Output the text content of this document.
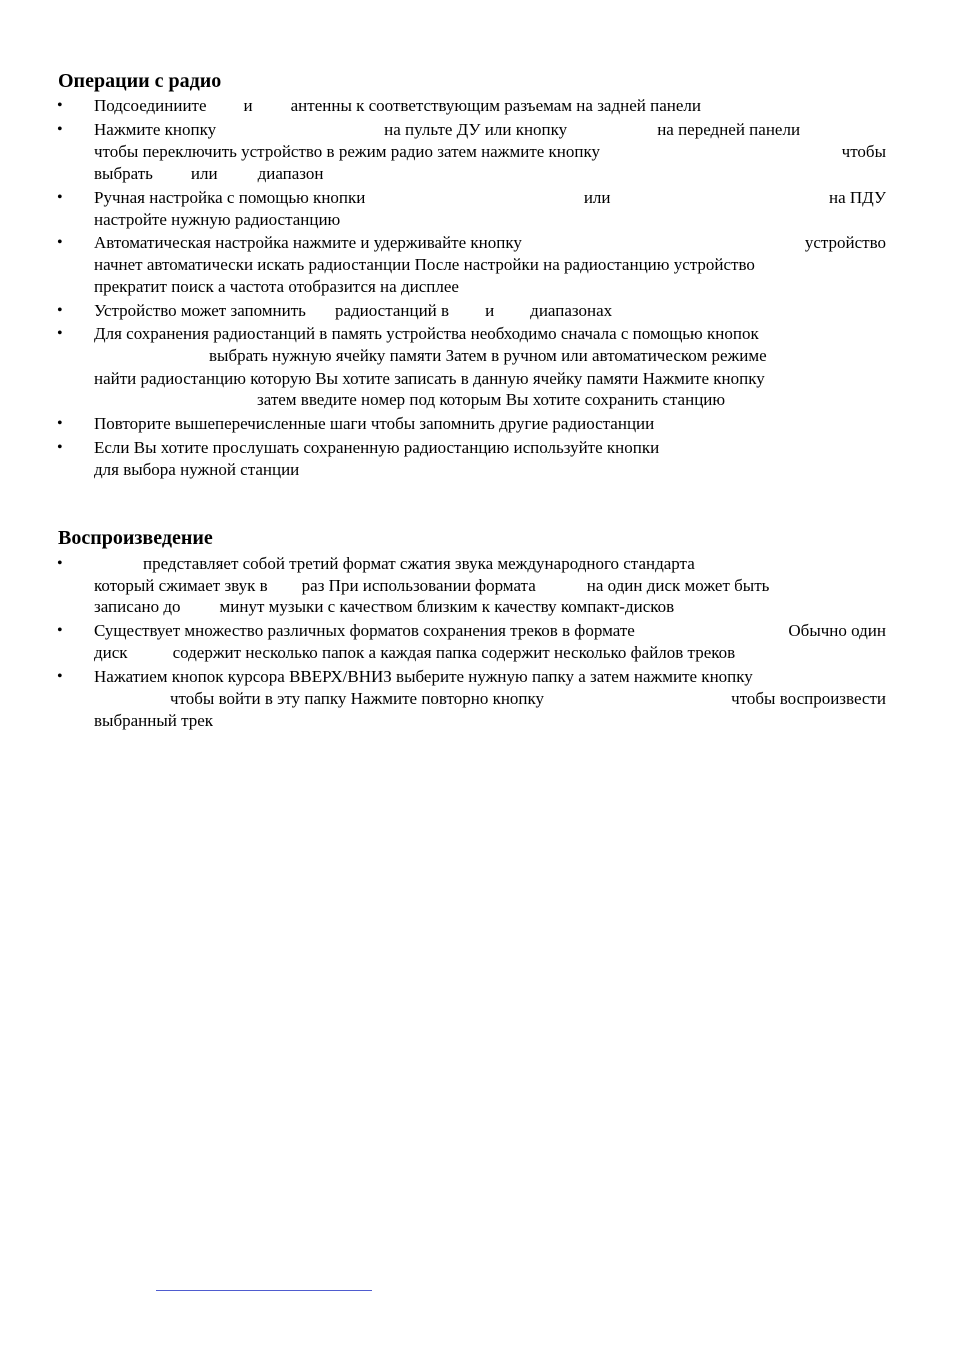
Операции с радио
•
•
•
•
•
•
•
•
Подсоединиите и антенны к соответствующим разъемам на задней панели
Нажмите кнопку	на пульте ДУ или кнопку	на передней панели
чтобы переключить устройство в режим радио затем нажмите кнопку	чтобы
выбрать или диапазон
Ручная настройка с помощью кнопки	или	на ПДУ
настройте нужную радиостанцию
Автоматическая настройка нажмите и удерживайте кнопку	устройство
начнет автоматически искать радиостанции После настройки на радиостанцию устройство
прекратит поиск а частота отобразится на дисплее
Устройство может запомнить радиостанций в и диапазонах
Для сохранения радиостанций в память устройства необходимо сначала с помощью кнопок
выбрать нужную ячейку памяти Затем в ручном или автоматическом режиме
найти радиостанцию которую Вы хотите записать в данную ячейку памяти Нажмите кнопку
затем введите номер под которым Вы хотите сохранить станцию
Повторите вышеперечисленные шаги чтобы запомнить другие радиостанции
Если Вы хотите прослушать сохраненную радиостанцию используйте кнопки
для выбора нужной станции
Воспроизведение
•
•
•
представляет собой третий формат сжатия звука международного стандарта
который сжимает звук в раз При использовании формата	на один диск может быть
записано до минут музыки с качеством близким к качеству компакт-дисков
Существует множество различных форматов сохранения треков в формате	Обычно один
диск	содержит несколько папок а каждая папка содержит несколько файлов треков
Нажатием кнопок курсора ВВЕРХ/ВНИЗ выберите нужную папку а затем нажмите кнопку
чтобы войти в эту папку Нажмите повторно кнопку	чтобы воспроизвести
выбранный трек
